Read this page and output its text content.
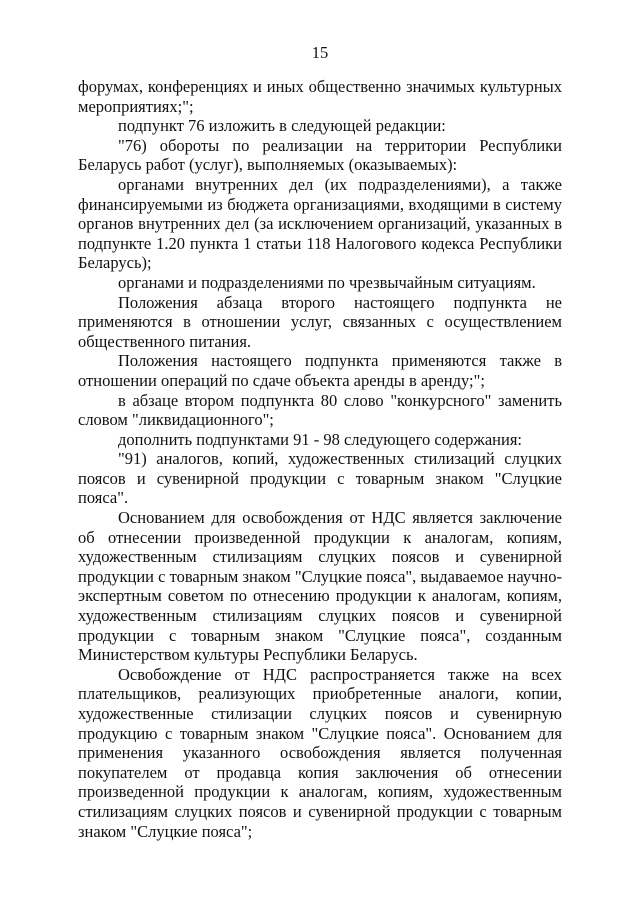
15

форумах, конференциях и иных общественно значимых культурных мероприятиях;";

подпункт 76 изложить в следующей редакции:

"76) обороты по реализации на территории Республики Беларусь работ (услуг), выполняемых (оказываемых):

органами внутренних дел (их подразделениями), а также финансируемыми из бюджета организациями, входящими в систему органов внутренних дел (за исключением организаций, указанных в подпункте 1.20 пункта 1 статьи 118 Налогового кодекса Республики Беларусь);

органами и подразделениями по чрезвычайным ситуациям.

Положения абзаца второго настоящего подпункта не применяются в отношении услуг, связанных с осуществлением общественного питания.

Положения настоящего подпункта применяются также в отношении операций по сдаче объекта аренды в аренду;";

в абзаце втором подпункта 80 слово "конкурсного" заменить словом "ликвидационного";

дополнить подпунктами 91 - 98 следующего содержания:

"91) аналогов, копий, художественных стилизаций слуцких поясов и сувенирной продукции с товарным знаком "Слуцкие пояса".

Основанием для освобождения от НДС является заключение об отнесении произведенной продукции к аналогам, копиям, художественным стилизациям слуцких поясов и сувенирной продукции с товарным знаком "Слуцкие пояса", выдаваемое научно-экспертным советом по отнесению продукции к аналогам, копиям, художественным стилизациям слуцких поясов и сувенирной продукции с товарным знаком "Слуцкие пояса", созданным Министерством культуры Республики Беларусь.

Освобождение от НДС распространяется также на всех плательщиков, реализующих приобретенные аналоги, копии, художественные стилизации слуцких поясов и сувенирную продукцию с товарным знаком "Слуцкие пояса". Основанием для применения указанного освобождения является полученная покупателем от продавца копия заключения об отнесении произведенной продукции к аналогам, копиям, художественным стилизациям слуцких поясов и сувенирной продукции с товарным знаком "Слуцкие пояса";
